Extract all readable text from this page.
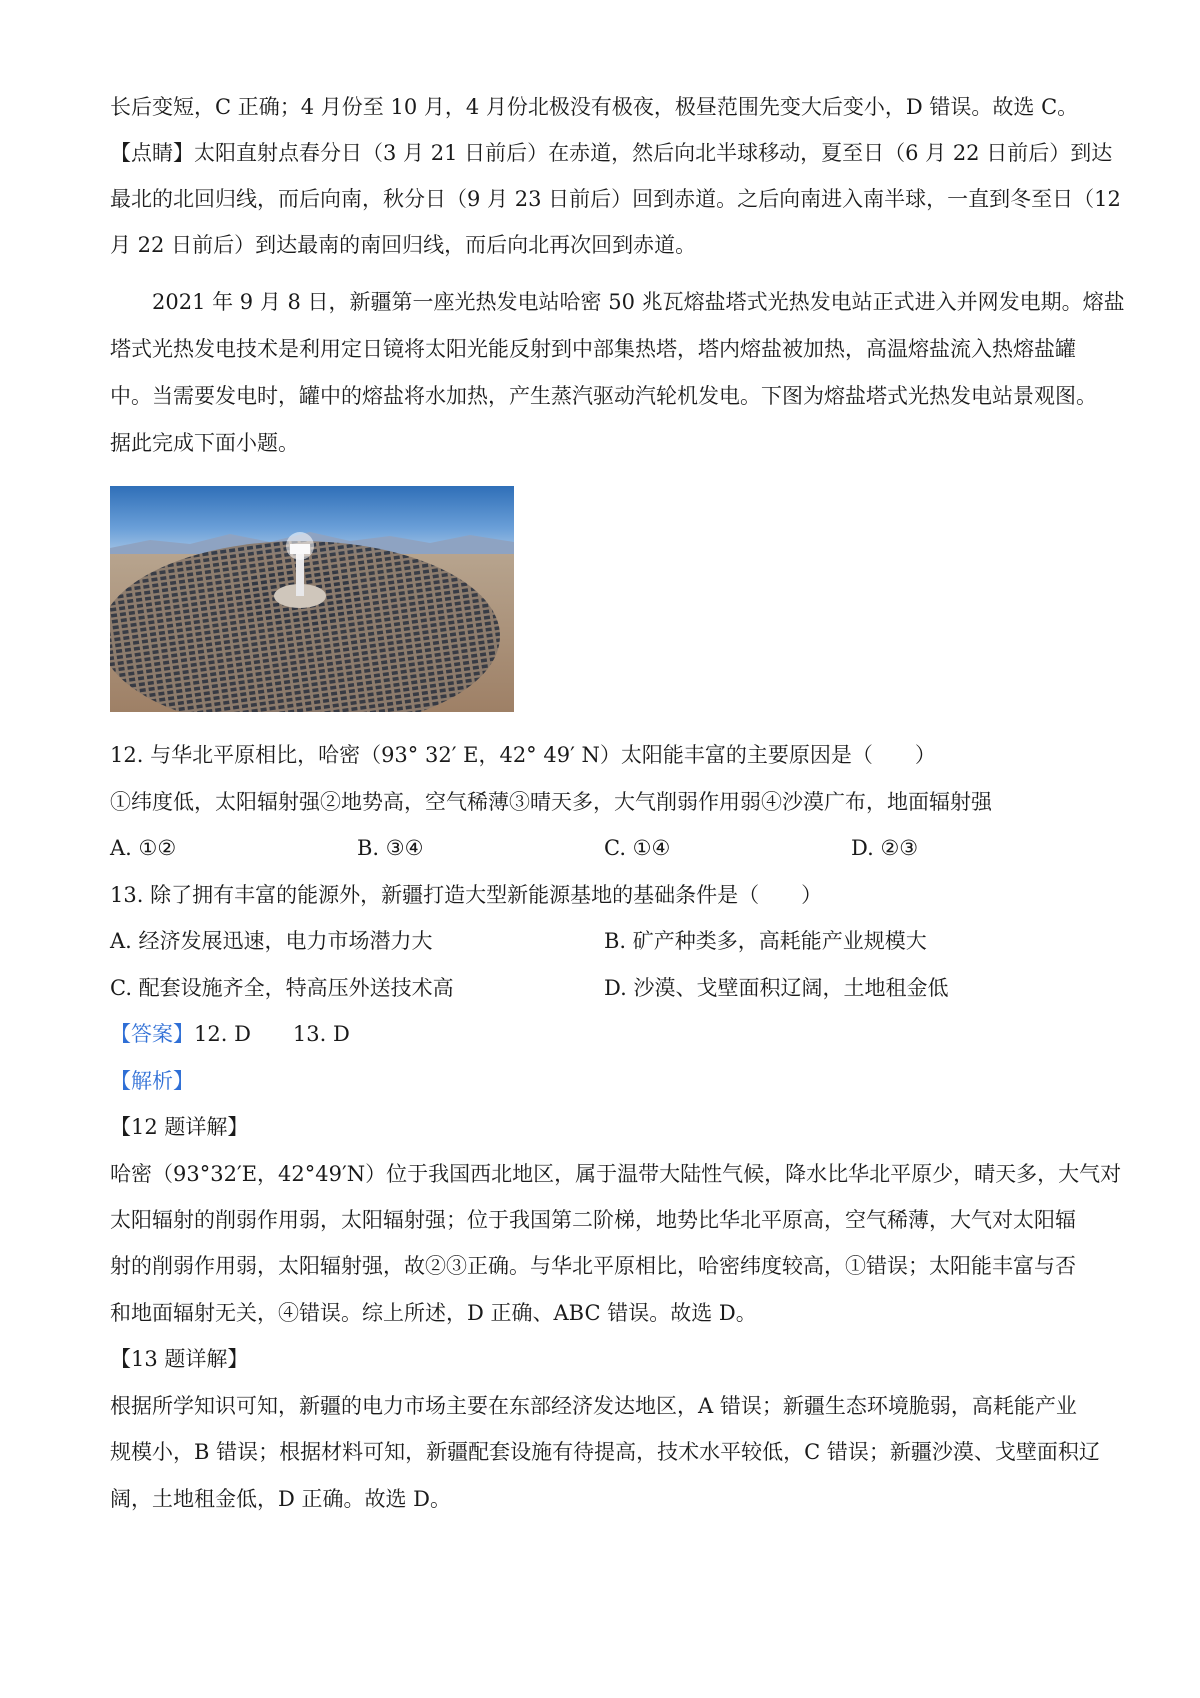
长后变短，C 正确；4 月份至 10 月，4 月份北极没有极夜，极昼范围先变大后变小，D 错误。故选 C。
【点睛】太阳直射点春分日（3 月 21 日前后）在赤道，然后向北半球移动，夏至日（6 月 22 日前后）到达
最北的北回归线，而后向南，秋分日（9 月 23 日前后）回到赤道。之后向南进入南半球，一直到冬至日（12
月 22 日前后）到达最南的南回归线，而后向北再次回到赤道。
2021 年 9 月 8 日，新疆第一座光热发电站哈密 50 兆瓦熔盐塔式光热发电站正式进入并网发电期。熔盐
塔式光热发电技术是利用定日镜将太阳光能反射到中部集热塔，塔内熔盐被加热，高温熔盐流入热熔盐罐
中。当需要发电时，罐中的熔盐将水加热，产生蒸汽驱动汽轮机发电。下图为熔盐塔式光热发电站景观图。
据此完成下面小题。
12. 与华北平原相比，哈密（93° 32′ E，42° 49′ N）太阳能丰富的主要原因是（　　）
①纬度低，太阳辐射强②地势高，空气稀薄③晴天多，大气削弱作用弱④沙漠广布，地面辐射强
A. ①②	B. ③④	C. ①④	D. ②③
13. 除了拥有丰富的能源外，新疆打造大型新能源基地的基础条件是（　　）
A. 经济发展迅速，电力市场潜力大	B. 矿产种类多，高耗能产业规模大
C. 配套设施齐全，特高压外送技术高	D. 沙漠、戈壁面积辽阔，土地租金低
【答案】12. D　　13. D
【解析】
【12 题详解】
哈密（93°32′E，42°49′N）位于我国西北地区，属于温带大陆性气候，降水比华北平原少，晴天多，大气对
太阳辐射的削弱作用弱，太阳辐射强；位于我国第二阶梯，地势比华北平原高，空气稀薄，大气对太阳辐
射的削弱作用弱，太阳辐射强，故②③正确。与华北平原相比，哈密纬度较高，①错误；太阳能丰富与否
和地面辐射无关，④错误。综上所述，D 正确、ABC 错误。故选 D。
【13 题详解】
根据所学知识可知，新疆的电力市场主要在东部经济发达地区，A 错误；新疆生态环境脆弱，高耗能产业
规模小，B 错误；根据材料可知，新疆配套设施有待提高，技术水平较低，C 错误；新疆沙漠、戈壁面积辽
阔，土地租金低，D 正确。故选 D。
